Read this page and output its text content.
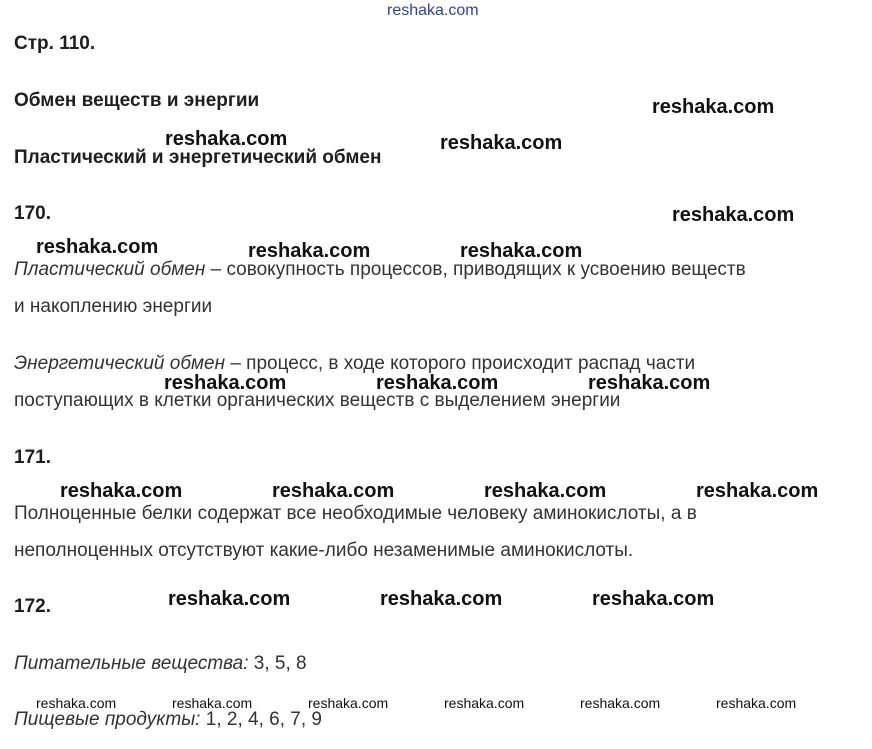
reshaka.com
Стр. 110.
Обмен веществ и энергии
Пластический и энергетический обмен
170.
Пластический обмен – совокупность процессов, приводящих к усвоению веществ
и накоплению энергии
Энергетический обмен – процесс, в ходе которого происходит распад части
поступающих в клетки органических веществ с выделением энергии
171.
Полноценные белки содержат все необходимые человеку аминокислоты, а в
неполноценных отсутствуют какие-либо незаменимые аминокислоты.
172.
Питательные вещества: 3, 5, 8
Пищевые продукты: 1, 2, 4, 6, 7, 9
reshaka.com
reshaka.com	reshaka.com
reshaka.com
reshaka.com	reshaka.com	reshaka.com
reshaka.com	reshaka.com	reshaka.com
reshaka.com	reshaka.com	reshaka.com	reshaka.com
reshaka.com	reshaka.com	reshaka.com
reshaka.com	reshaka.com	reshaka.com	reshaka.com	reshaka.com	reshaka.com
